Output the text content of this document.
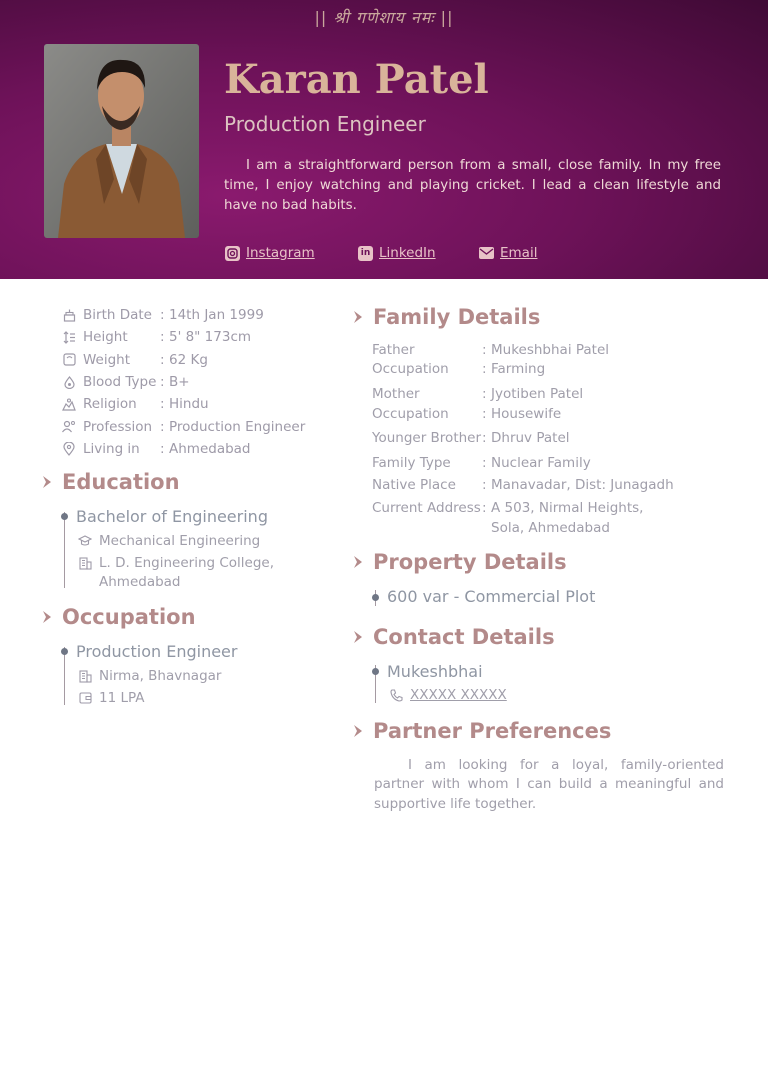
|| श्री गणेशाय नमः ||
Karan Patel
Production Engineer
I am a straightforward person from a small, close family. In my free time, I enjoy watching and playing cricket. I lead a clean lifestyle and have no bad habits.
Instagram	in LinkedIn	Email
Birth Date : 14th Jan 1999
Height	: 5' 8" 173cm
Weight	: 62 Kg
Blood Type : B+
Religion	: Hindu
Profession : Production Engineer
Living in	: Ahmedabad
Education
Bachelor of Engineering
Mechanical Engineering
L. D. Engineering College, Ahmedabad
Occupation
Production Engineer
Nirma, Bhavnagar
11 LPA
Family Details
Father	: Mukeshbhai Patel
Occupation	: Farming
Mother	: Jyotiben Patel
Occupation	: Housewife
Younger Brother : Dhruv Patel
Family Type	: Nuclear Family
Native Place	: Manavadar, Dist: Junagadh
Current Address : A 503, Nirmal Heights, Sola, Ahmedabad
Property Details
600 var - Commercial Plot
Contact Details
Mukeshbhai
XXXXX XXXXX
Partner Preferences
I am looking for a loyal, family-oriented partner with whom I can build a meaningful and supportive life together.
